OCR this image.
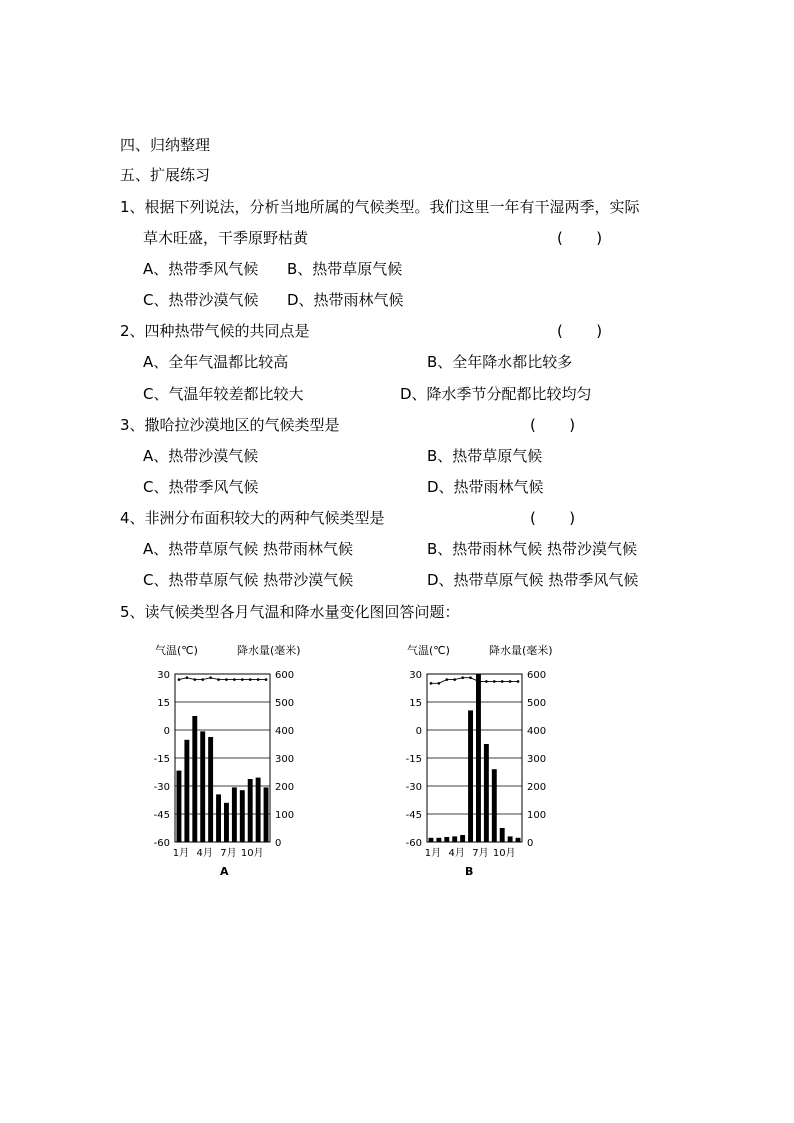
四、归纳整理
五、扩展练习
1、根据下列说法，分析当地所属的气候类型。我们这里一年有干湿两季，实际
草木旺盛，干季原野枯黄	(       )
A、热带季风气候 B、热带草原气候
C、热带沙漠气候 D、热带雨林气候
2、四种热带气候的共同点是	(       )
A、全年气温都比较高	B、全年降水都比较多
C、气温年较差都比较大	D、降水季节分配都比较均匀
3、撒哈拉沙漠地区的气候类型是	(       )
A、热带沙漠气候	B、热带草原气候
C、热带季风气候	D、热带雨林气候
4、非洲分布面积较大的两种气候类型是	(       )
A、热带草原气候 热带雨林气候	B、热带雨林气候 热带沙漠气候
C、热带草原气候 热带沙漠气候	D、热带草原气候 热带季风气候
5、读气候类型各月气温和降水量变化图回答问题：
气温(℃)	降水量(毫米)
30
15
0
-15
-30
-45
-60
600
500
400
300
200
100
0
1月 4月 7月 10月
A
气温(℃)	降水量(毫米)
30
15
0
-15
-30
-45
-60
600
500
400
300
200
100
0
1月 4月 7月 10月
B
